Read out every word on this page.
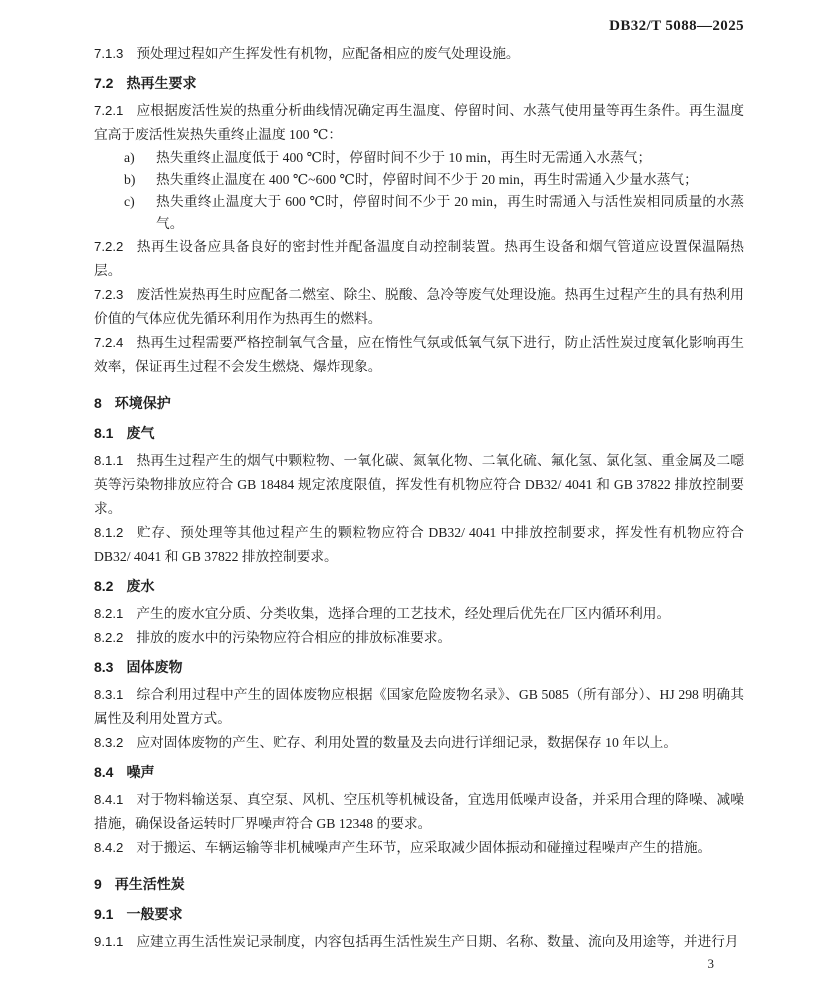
DB32/T 5088—2025

7.1.3 预处理过程如产生挥发性有机物，应配备相应的废气处理设施。

7.2 热再生要求

7.2.1 应根据废活性炭的热重分析曲线情况确定再生温度、停留时间、水蒸气使用量等再生条件。再生温度宜高于废活性炭热失重终止温度 100 ℃：

a) 热失重终止温度低于 400 ℃时，停留时间不少于 10 min，再生时无需通入水蒸气；

b) 热失重终止温度在 400 ℃~600 ℃时，停留时间不少于 20 min，再生时需通入少量水蒸气；

c) 热失重终止温度大于 600 ℃时，停留时间不少于 20 min，再生时需通入与活性炭相同质量的水蒸气。

7.2.2 热再生设备应具备良好的密封性并配备温度自动控制装置。热再生设备和烟气管道应设置保温隔热层。

7.2.3 废活性炭热再生时应配备二燃室、除尘、脱酸、急冷等废气处理设施。热再生过程产生的具有热利用价值的气体应优先循环利用作为热再生的燃料。

7.2.4 热再生过程需要严格控制氧气含量，应在惰性气氛或低氧气氛下进行，防止活性炭过度氧化影响再生效率，保证再生过程不会发生燃烧、爆炸现象。

8 环境保护
8.1 废气

8.1.1 热再生过程产生的烟气中颗粒物、一氧化碳、氮氧化物、二氧化硫、氟化氢、氯化氢、重金属及二噁英等污染物排放应符合 GB 18484 规定浓度限值，挥发性有机物应符合 DB32/ 4041 和 GB 37822 排放控制要求。

8.1.2 贮存、预处理等其他过程产生的颗粒物应符合 DB32/ 4041 中排放控制要求，挥发性有机物应符合 DB32/ 4041 和 GB 37822 排放控制要求。

8.2 废水

8.2.1 产生的废水宜分质、分类收集，选择合理的工艺技术，经处理后优先在厂区内循环利用。

8.2.2 排放的废水中的污染物应符合相应的排放标准要求。

8.3 固体废物

8.3.1 综合利用过程中产生的固体废物应根据《国家危险废物名录》、GB 5085（所有部分）、HJ 298 明确其属性及利用处置方式。

8.3.2 应对固体废物的产生、贮存、利用处置的数量及去向进行详细记录，数据保存 10 年以上。

8.4 噪声

8.4.1 对于物料输送泵、真空泵、风机、空压机等机械设备，宜选用低噪声设备，并采用合理的降噪、减噪措施，确保设备运转时厂界噪声符合 GB 12348 的要求。

8.4.2 对于搬运、车辆运输等非机械噪声产生环节，应采取减少固体振动和碰撞过程噪声产生的措施。

9 再生活性炭
9.1 一般要求

9.1.1 应建立再生活性炭记录制度，内容包括再生活性炭生产日期、名称、数量、流向及用途等，并进行月

3
